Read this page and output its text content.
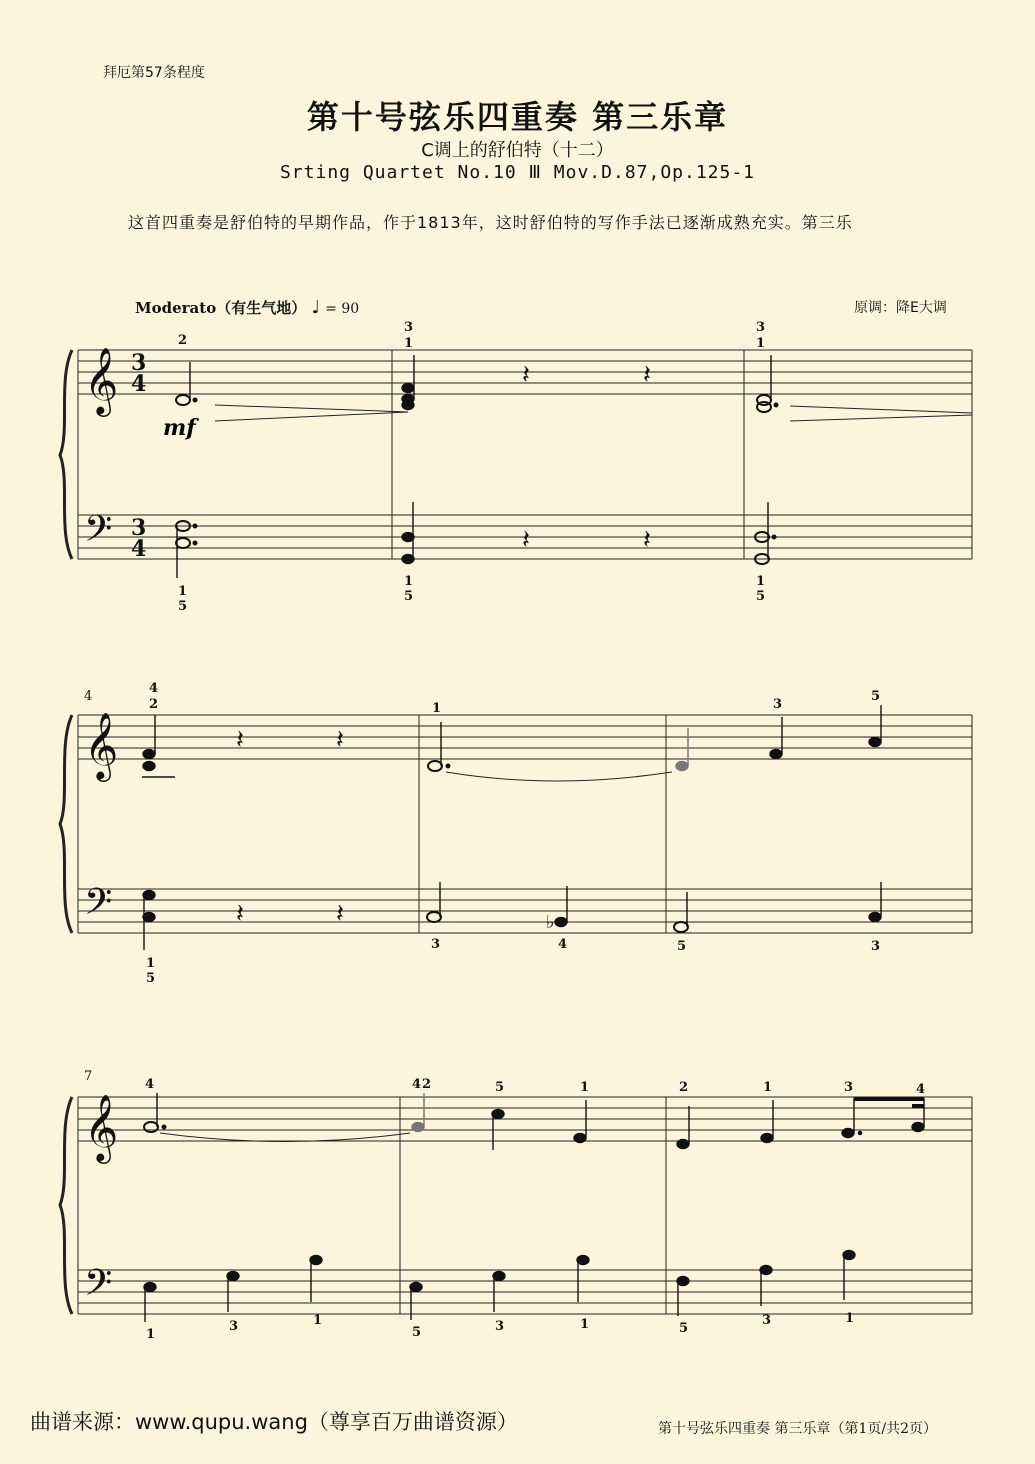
拜厄第57条程度
第十号弦乐四重奏 第三乐章
C调上的舒伯特（十二）
Srting Quartet No.10 Ⅲ Mov.D.87,Op.125-1
这首四重奏是舒伯特的早期作品，作于1813年，这时舒伯特的写作手法已逐渐成熟充实。第三乐
Moderato（有生气地） ♩ = 90	原调：降E大调
𝄞
𝄢
𝄞
𝄢
𝄞
𝄢
3
4
3
4
mf
4
7
𝄽	𝄽
𝄽	𝄽
𝄽	𝄽
𝄽	𝄽	♭
2
3
1
3
1
1
5
1
5
1
5
4
2	1	3
5
1
5
3	4	5	3
4	4 2	5	1	2	1	3	4
1
3	1
5	3	1	5
3	1
曲谱来源：www.qupu.wang（尊享百万曲谱资源）	第十号弦乐四重奏 第三乐章（第1页/共2页）
